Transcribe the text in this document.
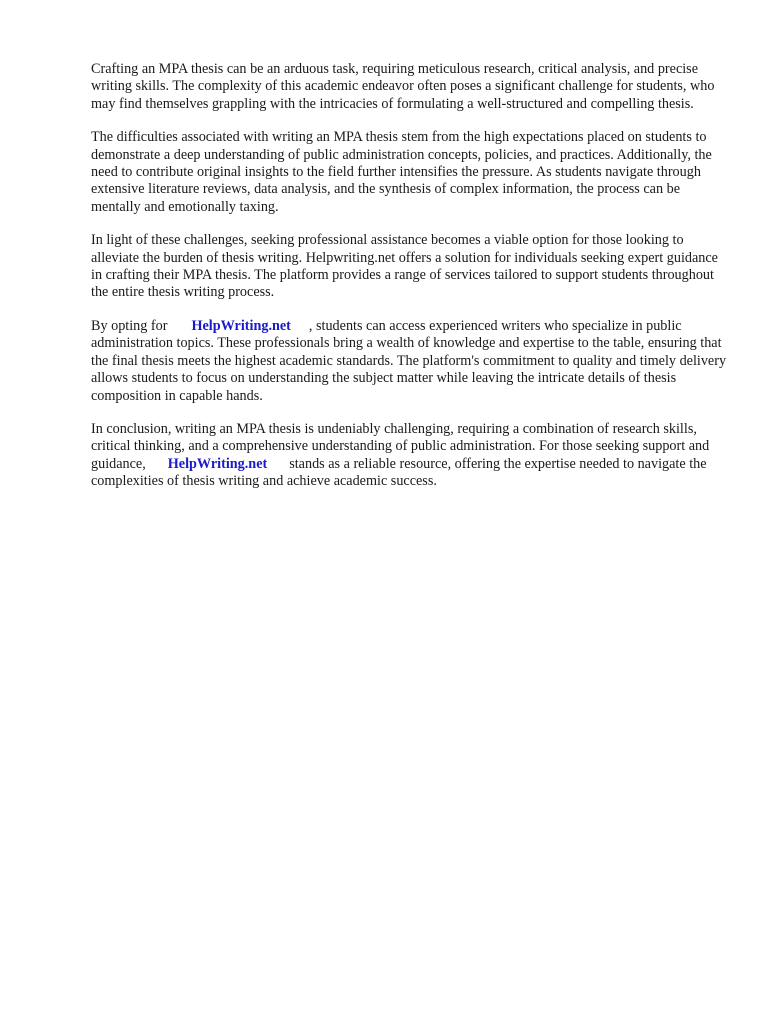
Crafting an MPA thesis can be an arduous task, requiring meticulous research, critical analysis, and precise writing skills. The complexity of this academic endeavor often poses a significant challenge for students, who may find themselves grappling with the intricacies of formulating a well-structured and compelling thesis.

The difficulties associated with writing an MPA thesis stem from the high expectations placed on students to demonstrate a deep understanding of public administration concepts, policies, and practices. Additionally, the need to contribute original insights to the field further intensifies the pressure. As students navigate through extensive literature reviews, data analysis, and the synthesis of complex information, the process can be mentally and emotionally taxing.

In light of these challenges, seeking professional assistance becomes a viable option for those looking to alleviate the burden of thesis writing. Helpwriting.net offers a solution for individuals seeking expert guidance in crafting their MPA thesis. The platform provides a range of services tailored to support students throughout the entire thesis writing process.

By opting for HelpWriting.net , students can access experienced writers who specialize in public administration topics. These professionals bring a wealth of knowledge and expertise to the table, ensuring that the final thesis meets the highest academic standards. The platform's commitment to quality and timely delivery allows students to focus on understanding the subject matter while leaving the intricate details of thesis composition in capable hands.

In conclusion, writing an MPA thesis is undeniably challenging, requiring a combination of research skills, critical thinking, and a comprehensive understanding of public administration. For those seeking support and guidance, HelpWriting.net stands as a reliable resource, offering the expertise needed to navigate the complexities of thesis writing and achieve academic success.
